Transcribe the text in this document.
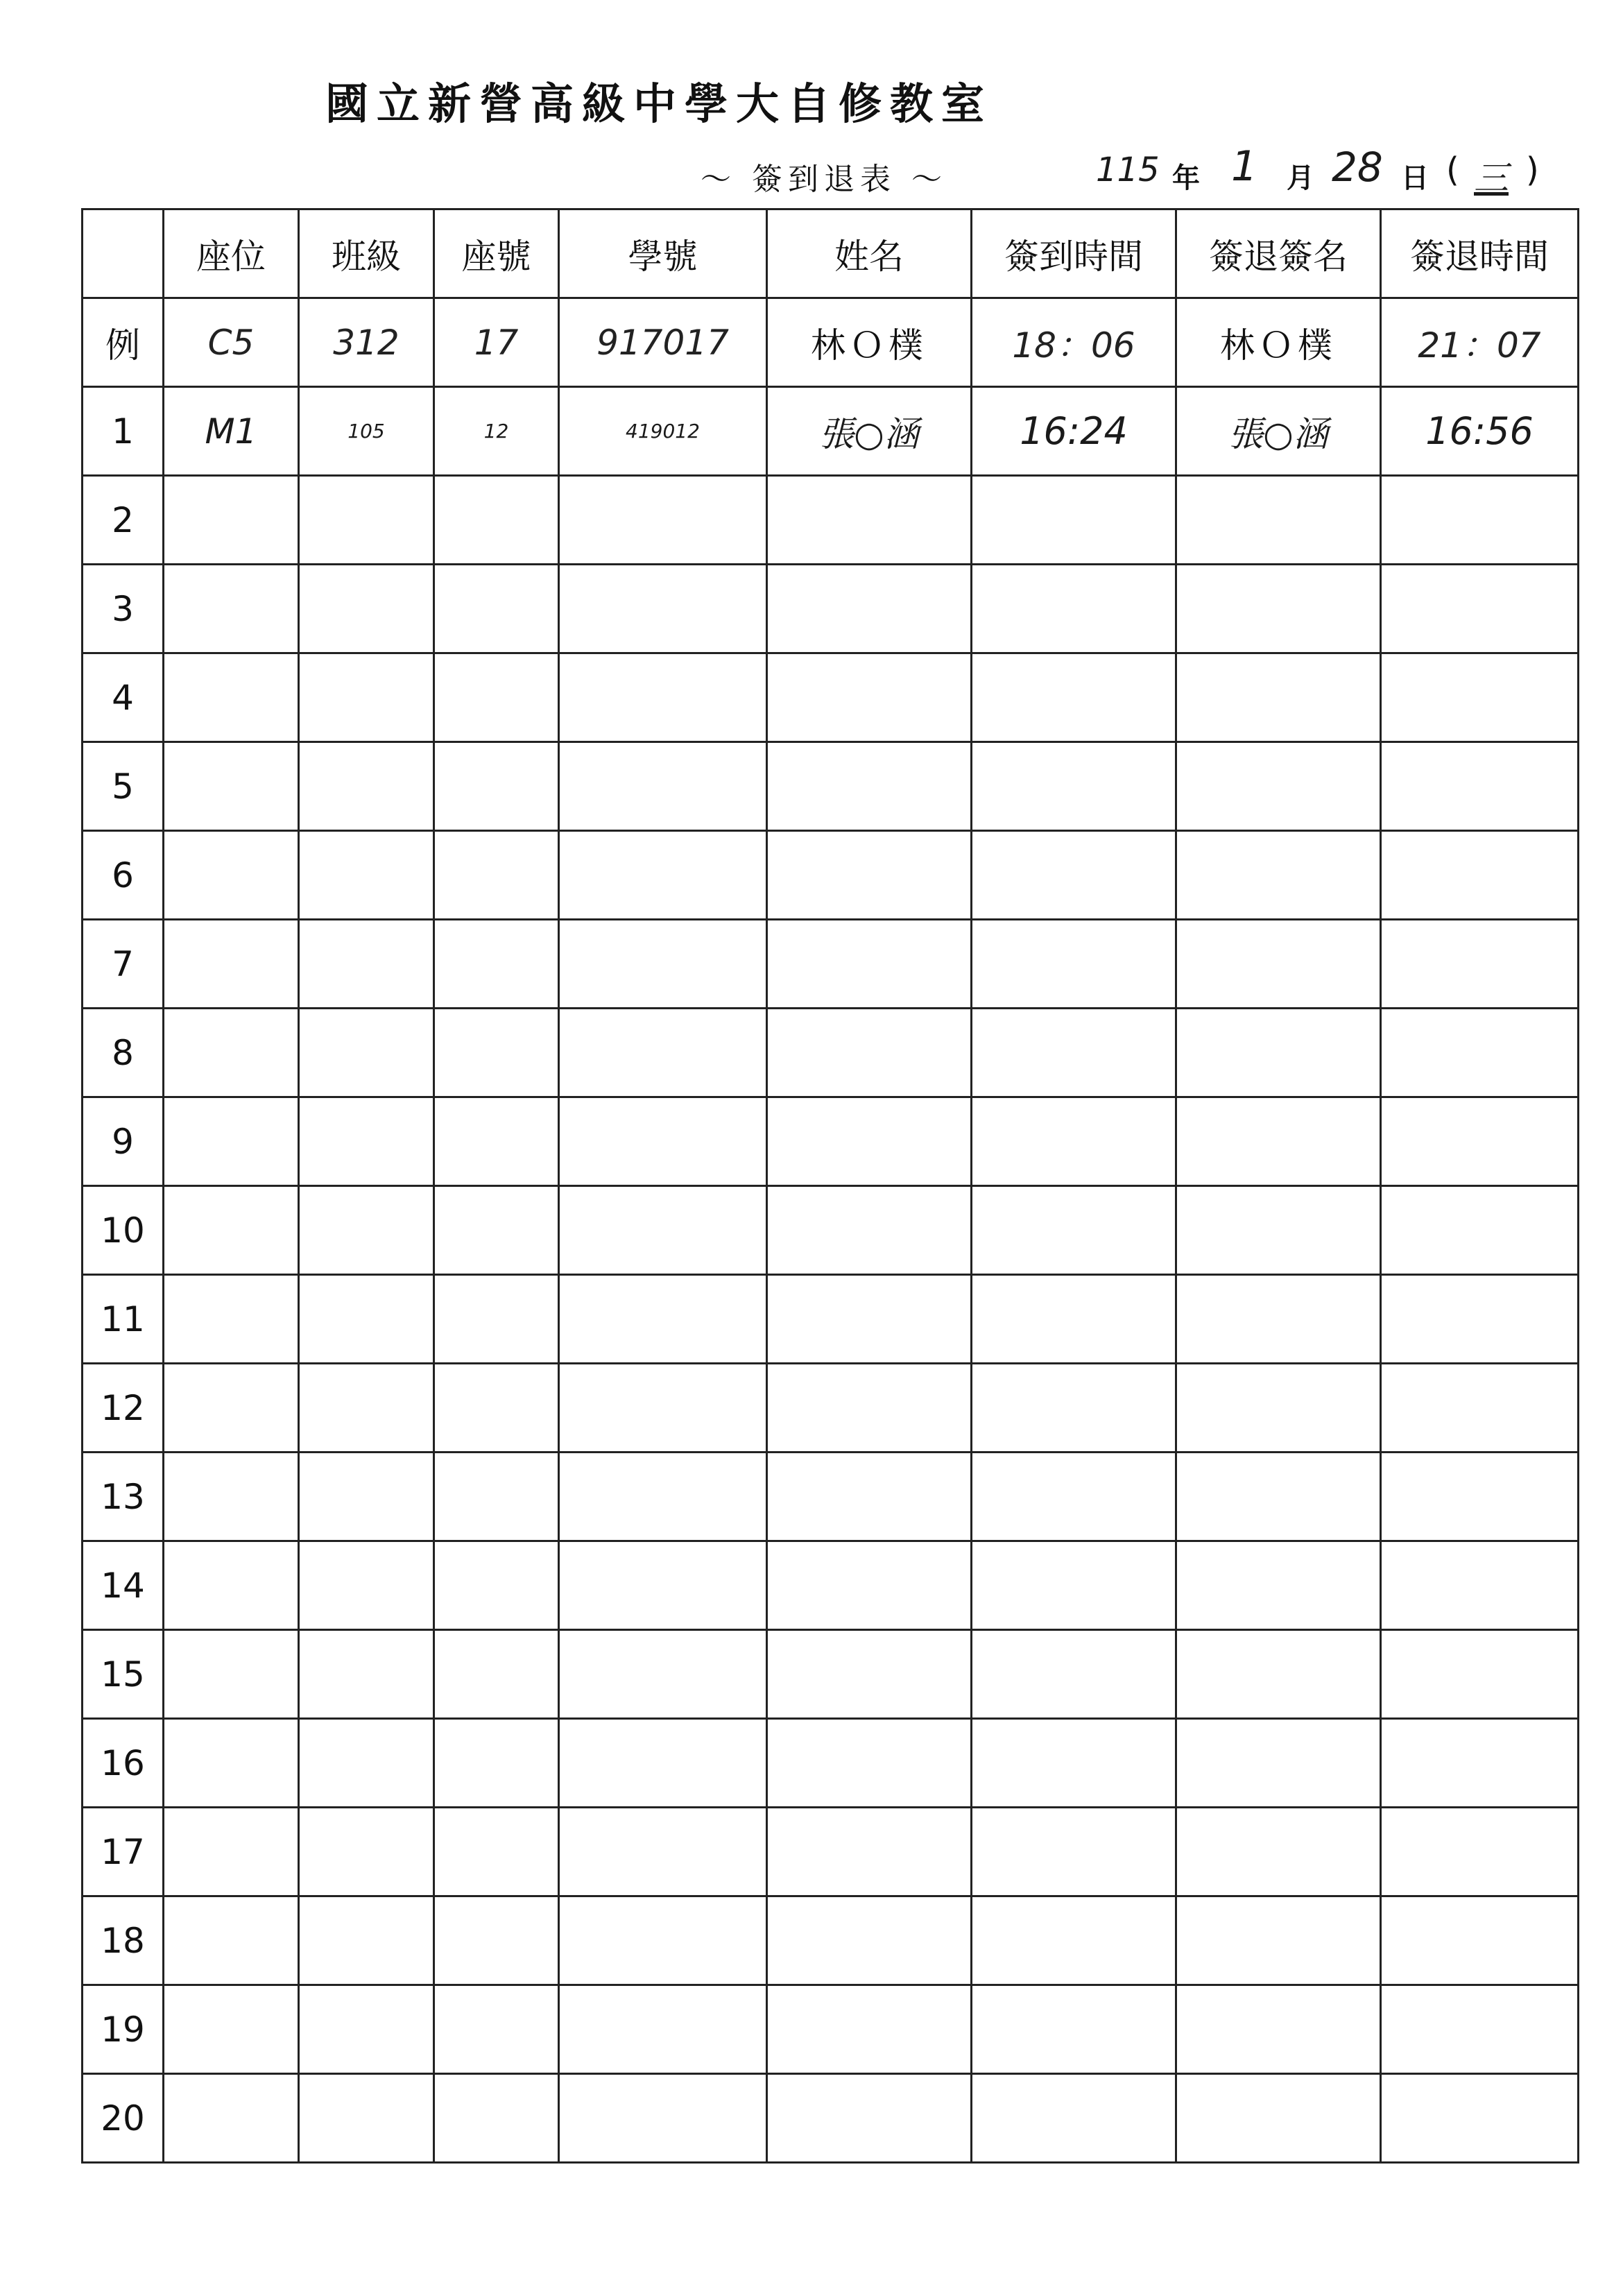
國立新營高級中學大自修教室
～ 簽到退表 ～	115 年 1 月 28 日 ( 三 )
	座位	班級	座號	學號	姓名	簽到時間	簽退簽名	簽退時間
例	C5	312	17	917017	林Ｏ樸	18：06	林Ｏ樸	21：07
1	M1	105	12	419012	張○涵	16:24	張○涵	16:56
2								
3								
4								
5								
6								
7								
8								
9								
10								
11								
12								
13								
14								
15								
16								
17								
18								
19								
20								
